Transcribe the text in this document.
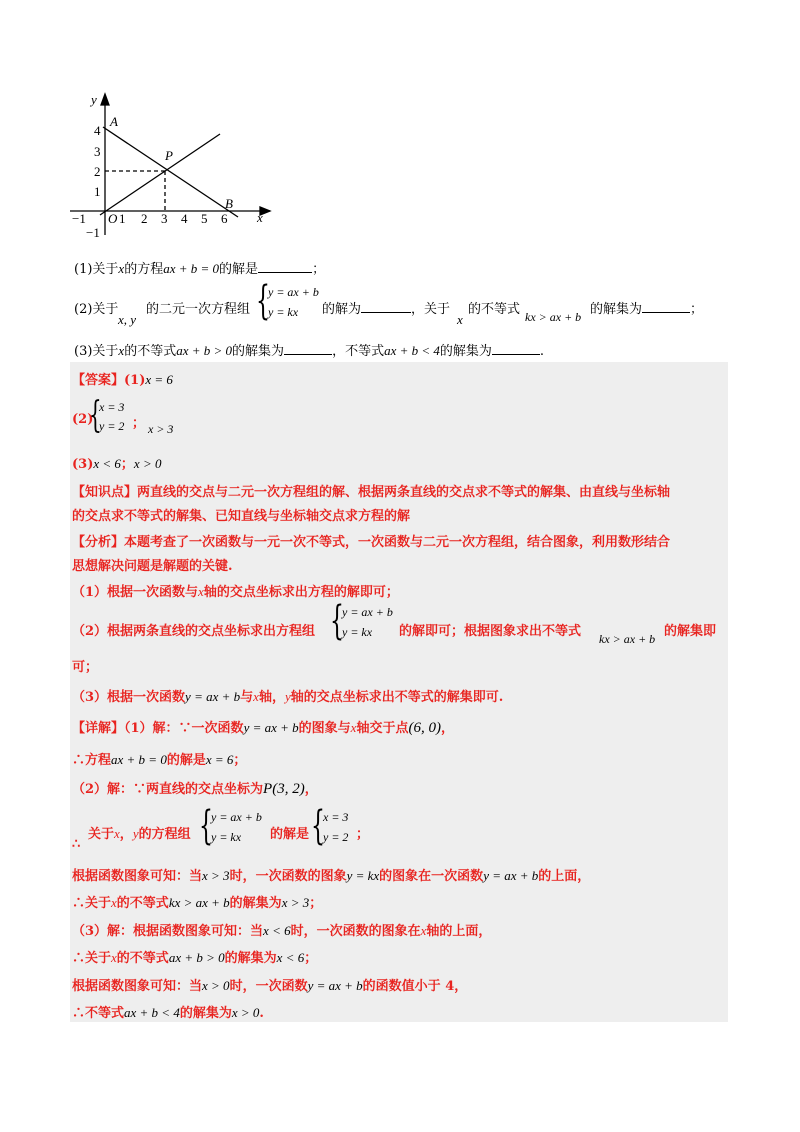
y
x
4
3
2
1
−1
−1 O 1 2 3 4 5 6
A
P
B
(1)关于x的方程ax + b = 0的解是	；
(2)关于
x, y
的二元一次方程组 {
y = ax + b
y = kx 的解为	，关于
x
的不等式 kx > ax + b 的解集为	；
(3)关于x的不等式ax + b > 0的解集为	，不等式ax + b < 4的解集为	.
【答案】(1)x = 6
(2)
{
x = 3
y = 2 ； x > 3
(3)x < 6；x > 0
【知识点】两直线的交点与二元一次方程组的解、根据两条直线的交点求不等式的解集、由直线与坐标轴
的交点求不等式的解集、已知直线与坐标轴交点求方程的解
【分析】本题考查了一次函数与一元一次不等式，一次函数与二元一次方程组，结合图象，利用数形结合
思想解决问题是解题的关键.
（1）根据一次函数与x轴的交点坐标求出方程的解即可；
（2）根据两条直线的交点坐标求出方程组 {
y = ax + b
y = kx 的解即可；根据图象求出不等式 kx > ax + b 的解集即
可；
（3）根据一次函数y = ax + b与x轴，y轴的交点坐标求出不等式的解集即可.
【详解】（1）解：∵一次函数y = ax + b的图象与x轴交于点(6, 0)，
∴方程ax + b = 0的解是x = 6；
（2）解：∵两直线的交点坐标为P(3, 2)，
∴
关于x，y的方程组 {
y = ax + b
y = kx 的解是 {
x = 3
y = 2 ；
根据函数图象可知：当x > 3时，一次函数的图象y = kx的图象在一次函数y = ax + b的上面，
∴关于x的不等式kx > ax + b的解集为x > 3；
（3）解：根据函数图象可知：当x < 6时，一次函数的图象在x轴的上面，
∴关于x的不等式ax + b > 0的解集为x < 6；
根据函数图象可知：当x > 0时，一次函数y = ax + b的函数值小于 4，
∴不等式ax + b < 4的解集为x > 0.
